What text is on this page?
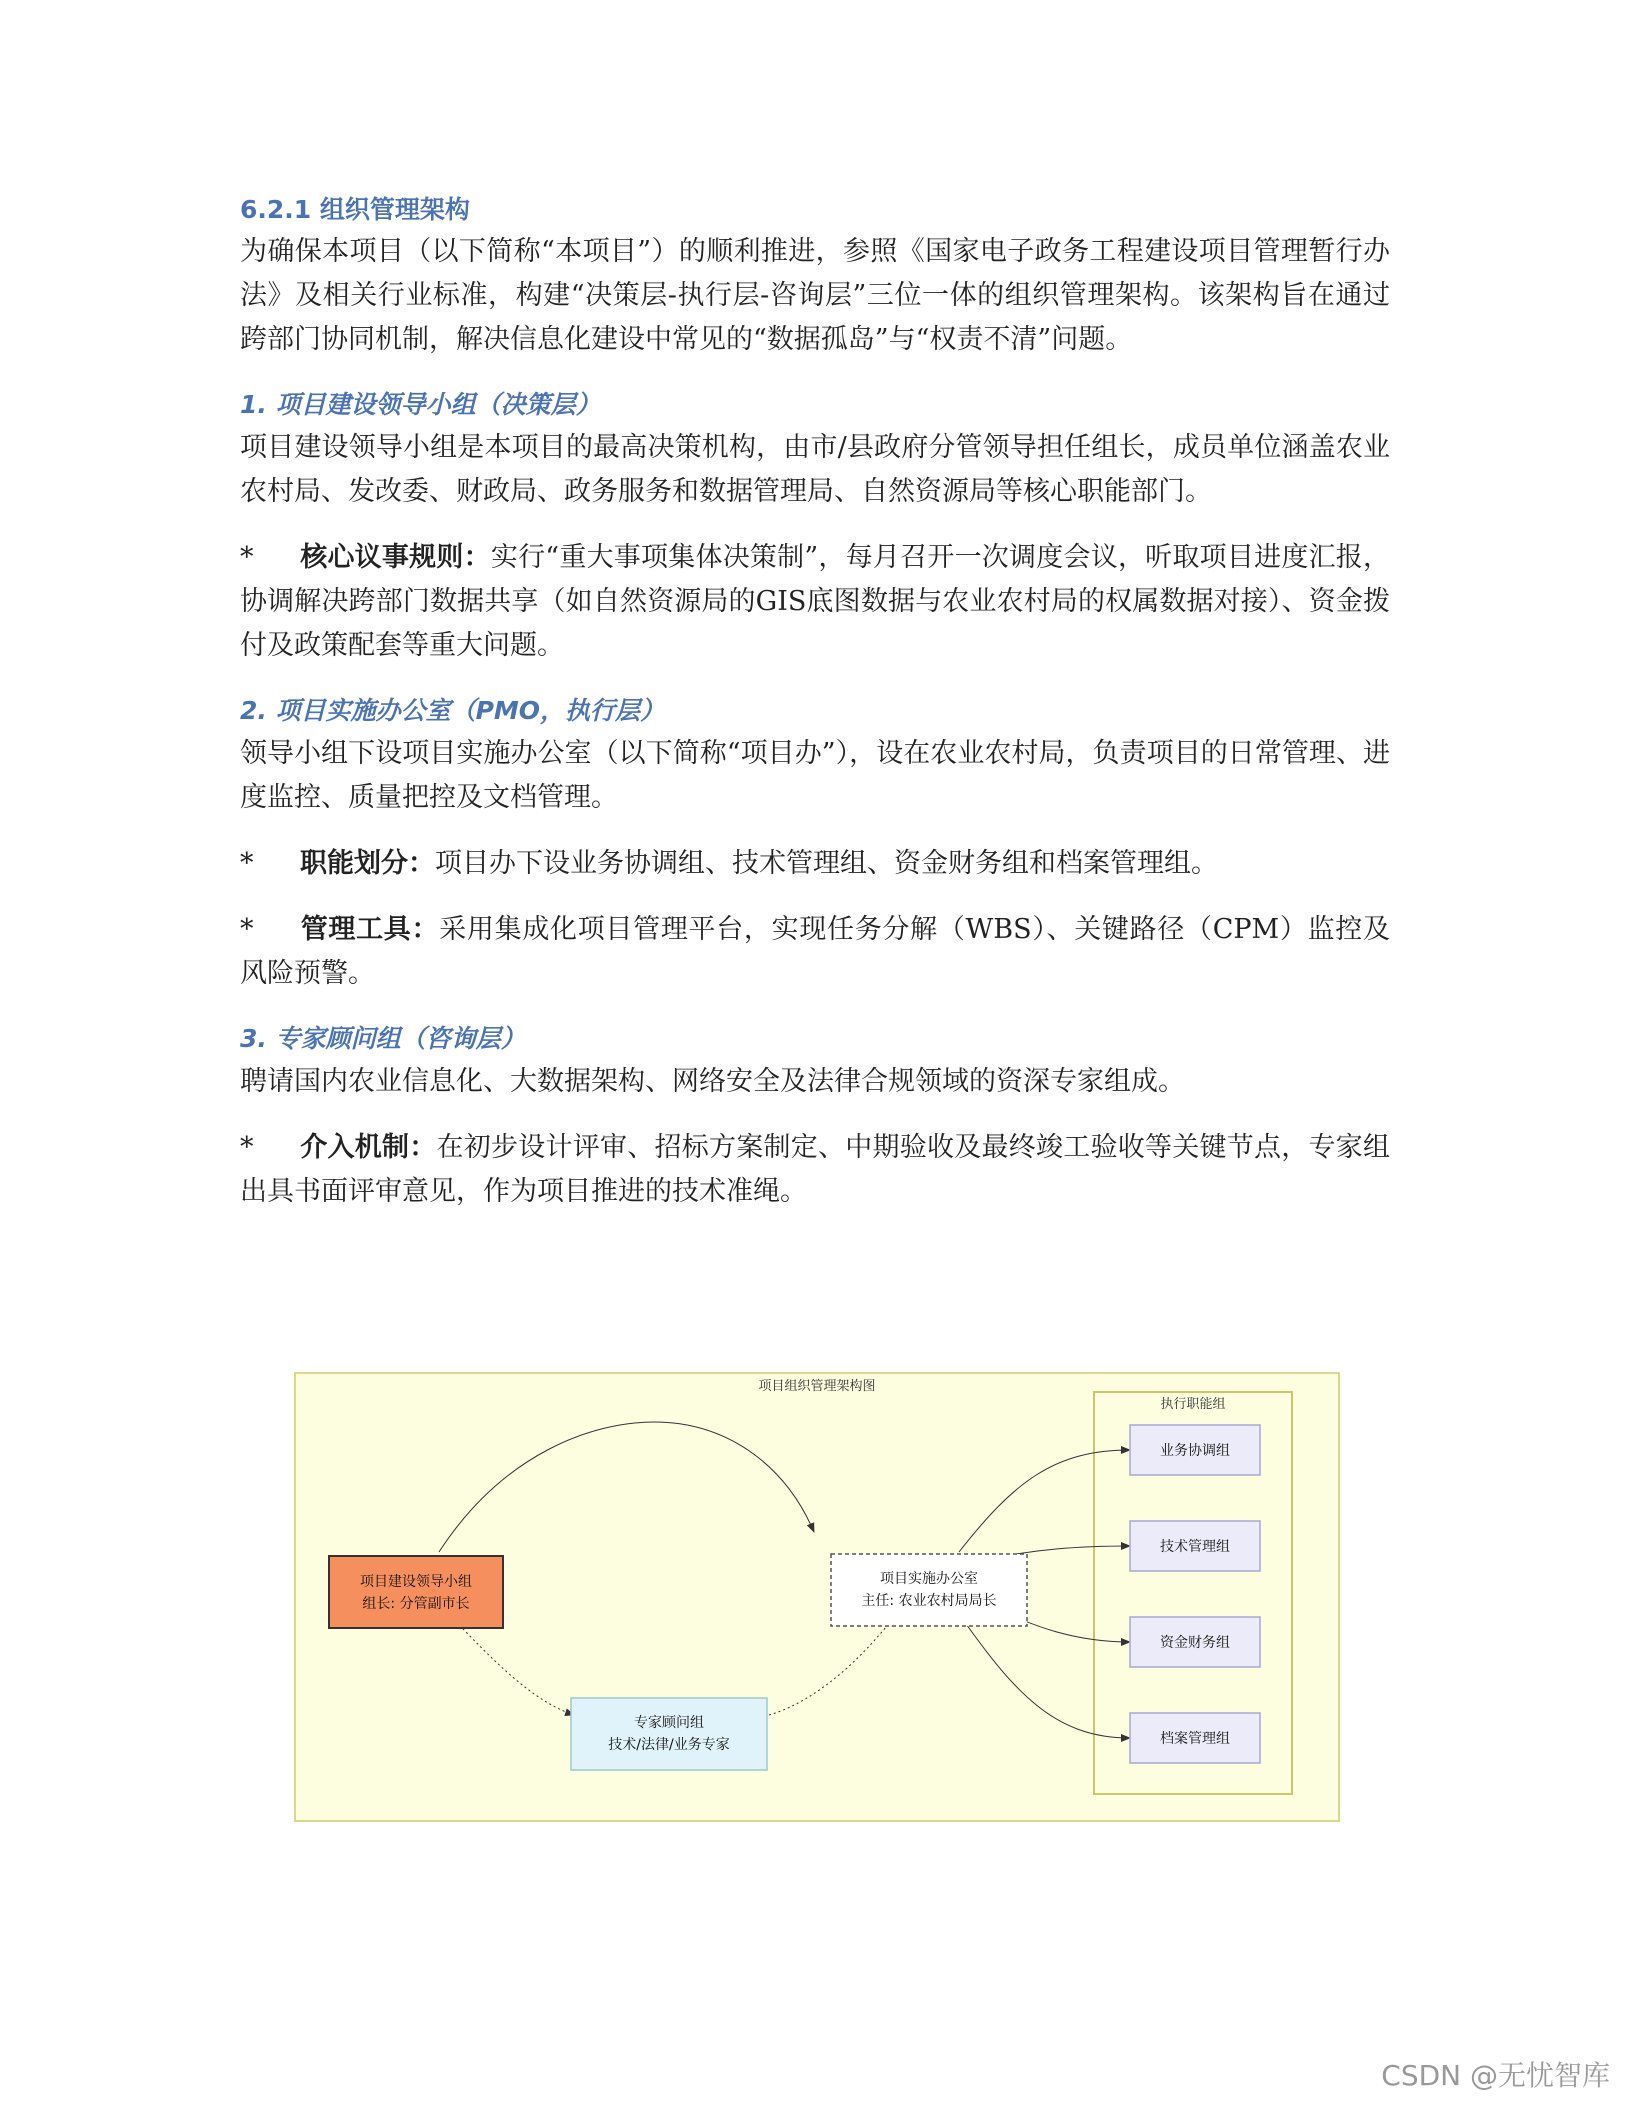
6.2.1 组织管理架构

为确保本项目（以下简称“本项目”）的顺利推进，参照《国家电子政务工程建设项目管理暂行办法》及相关行业标准，构建“决策层-执行层-咨询层”三位一体的组织管理架构。该架构旨在通过跨部门协同机制，解决信息化建设中常见的“数据孤岛”与“权责不清”问题。

1. 项目建设领导小组（决策层）

项目建设领导小组是本项目的最高决策机构，由市/县政府分管领导担任组长，成员单位涵盖农业农村局、发改委、财政局、政务服务和数据管理局、自然资源局等核心职能部门。

* 核心议事规则：实行“重大事项集体决策制”，每月召开一次调度会议，听取项目进度汇报，协调解决跨部门数据共享（如自然资源局的GIS底图数据与农业农村局的权属数据对接）、资金拨付及政策配套等重大问题。

2. 项目实施办公室（PMO，执行层）

领导小组下设项目实施办公室（以下简称“项目办”），设在农业农村局，负责项目的日常管理、进度监控、质量把控及文档管理。

* 职能划分：项目办下设业务协调组、技术管理组、资金财务组和档案管理组。

* 管理工具：采用集成化项目管理平台，实现任务分解（WBS）、关键路径（CPM）监控及风险预警。

3. 专家顾问组（咨询层）

聘请国内农业信息化、大数据架构、网络安全及法律合规领域的资深专家组成。

* 介入机制：在初步设计评审、招标方案制定、中期验收及最终竣工验收等关键节点，专家组出具书面评审意见，作为项目推进的技术准绳。

项目组织管理架构图
执行职能组
项目建设领导小组
组长: 分管副市长
项目实施办公室
主任: 农业农村局局长
专家顾问组
技术/法律/业务专家
业务协调组
技术管理组
资金财务组
档案管理组
CSDN @无忧智库
